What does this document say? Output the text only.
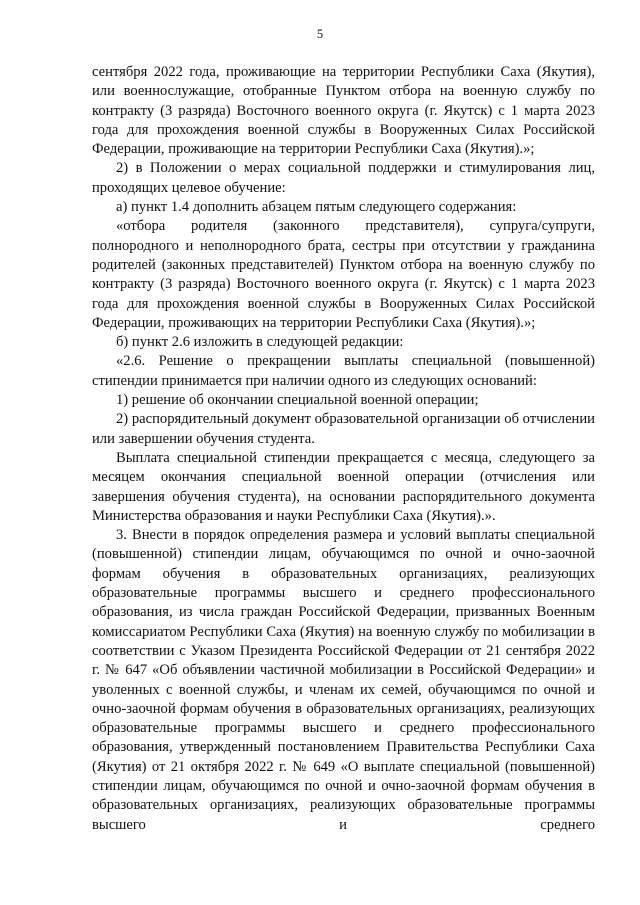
5

сентября 2022 года, проживающие на территории Республики Саха (Якутия), или военнослужащие, отобранные Пунктом отбора на военную службу по контракту (3 разряда) Восточного военного округа (г. Якутск) с 1 марта 2023 года для прохождения военной службы в Вооруженных Силах Российской Федерации, проживающие на территории Республики Саха (Якутия).»;

2) в Положении о мерах социальной поддержки и стимулирования лиц, проходящих целевое обучение:

а) пункт 1.4 дополнить абзацем пятым следующего содержания:

«отбора родителя (законного представителя), супруга/супруги, полнородного и неполнородного брата, сестры при отсутствии у гражданина родителей (законных представителей) Пунктом отбора на военную службу по контракту (3 разряда) Восточного военного округа (г. Якутск) с 1 марта 2023 года для прохождения военной службы в Вооруженных Силах Российской Федерации, проживающих на территории Республики Саха (Якутия).»;

б) пункт 2.6 изложить в следующей редакции:

«2.6. Решение о прекращении выплаты специальной (повышенной) стипендии принимается при наличии одного из следующих оснований:

1) решение об окончании специальной военной операции;

2) распорядительный документ образовательной организации об отчислении или завершении обучения студента.

Выплата специальной стипендии прекращается с месяца, следующего за месяцем окончания специальной военной операции (отчисления или завершения обучения студента), на основании распорядительного документа Министерства образования и науки Республики Саха (Якутия).».

3. Внести в порядок определения размера и условий выплаты специальной (повышенной) стипендии лицам, обучающимся по очной и очно-заочной формам обучения в образовательных организациях, реализующих образовательные программы высшего и среднего профессионального образования, из числа граждан Российской Федерации, призванных Военным комиссариатом Республики Саха (Якутия) на военную службу по мобилизации в соответствии с Указом Президента Российской Федерации от 21 сентября 2022 г. № 647 «Об объявлении частичной мобилизации в Российской Федерации» и уволенных с военной службы, и членам их семей, обучающимся по очной и очно-заочной формам обучения в образовательных организациях, реализующих образовательные программы высшего и среднего профессионального образования, утвержденный постановлением Правительства Республики Саха (Якутия) от 21 октября 2022 г. № 649 «О выплате специальной (повышенной) стипендии лицам, обучающимся по очной и очно-заочной формам обучения в образовательных организациях, реализующих образовательные программы высшего и среднего
